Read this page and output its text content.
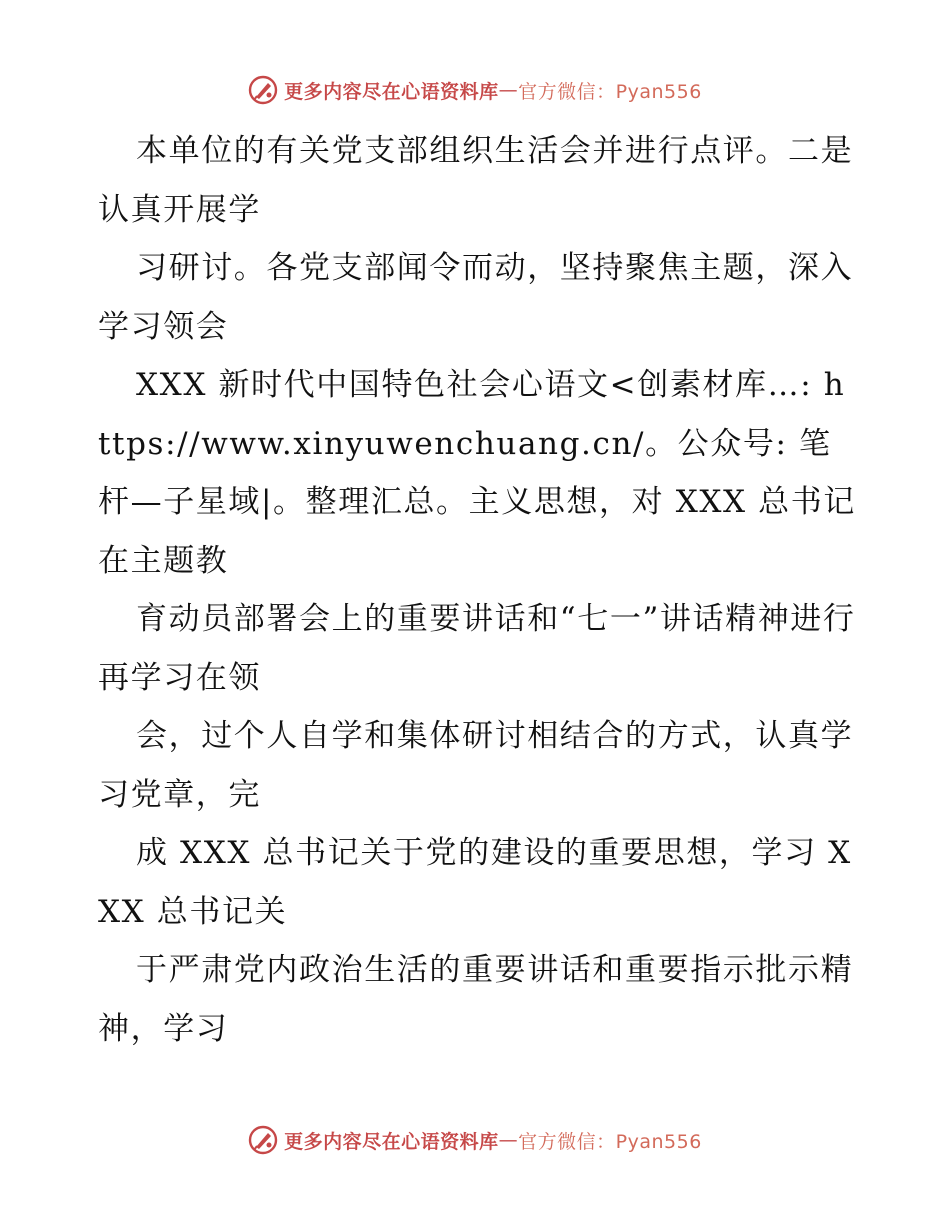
更多内容尽在心语资料库 — 官方微信：Pyan556

本单位的有关党支部组织生活会并进行点评。二是认真开展学

习研讨。各党支部闻令而动，坚持聚焦主题，深入学习领会

XXX 新时代中国特色社会心语文<创素材库…: https://www.xinyuwenchuang.cn/。公众号: 笔杆—子星域|。整理汇总。主义思想，对 XXX 总书记在主题教

育动员部署会上的重要讲话和“七一”讲话精神进行再学习在领

会，过个人自学和集体研讨相结合的方式，认真学习党章，完

成 XXX 总书记关于党的建设的重要思想，学习 XXX 总书记关

于严肃党内政治生活的重要讲话和重要指示批示精神，学习

更多内容尽在心语资料库 — 官方微信：Pyan556
